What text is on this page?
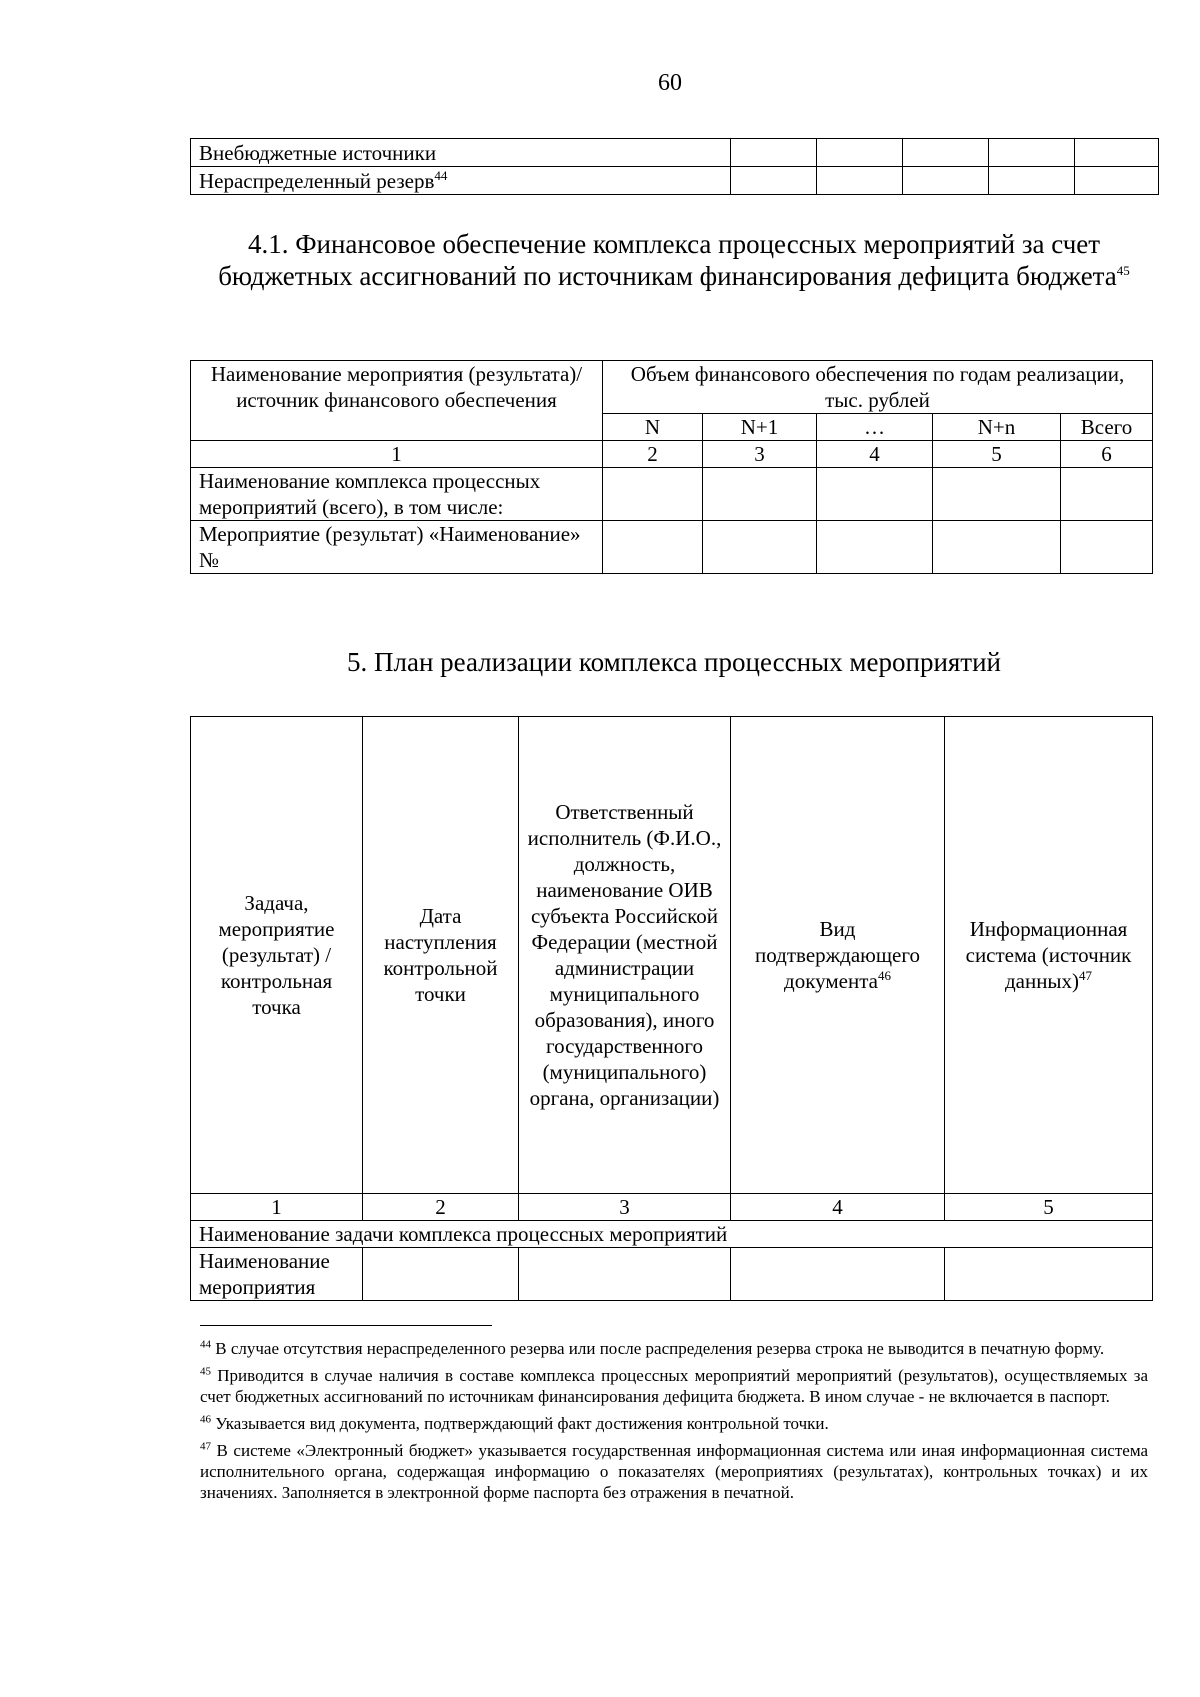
60
Внебюджетные источники					
Нераспределенный резерв$^{44}$					
4.1. Финансовое обеспечение комплекса процессных мероприятий за счет бюджетных ассигнований по источникам финансирования дефицита бюджета$^{45}$
Наименование мероприятия (результата)/источник финансового обеспечения	Объем финансового обеспечения по годам реализации, тыс. рублей				
	N	N+1	…	N+n	Всего
1	2	3	4	5	6
Наименование комплекса процессных мероприятий (всего), в том числе:					
Мероприятие (результат) «Наименование» №					
5. План реализации комплекса процессных мероприятий
Задача, мероприятие (результат) / контрольная точка	Дата наступления контрольной точки	Ответственный исполнитель (Ф.И.О., должность, наименование ОИВ субъекта Российской Федерации (местной администрации муниципального образования), иного государственного (муниципального) органа, организации)	Вид подтверждающего документа$^{46}$	Информационная система (источник данных)$^{47}$
1	2	3	4	5
Наименование задачи комплекса процессных мероприятий				
Наименование мероприятия				
$^{44}$ В случае отсутствия нераспределенного резерва или после распределения резерва строка не выводится в печатную форму.
$^{45}$ Приводится в случае наличия в составе комплекса процессных мероприятий мероприятий (результатов), осуществляемых за счет бюджетных ассигнований по источникам финансирования дефицита бюджета. В ином случае - не включается в паспорт.
$^{46}$ Указывается вид документа, подтверждающий факт достижения контрольной точки.
$^{47}$ В системе «Электронный бюджет» указывается государственная информационная система или иная информационная система исполнительного органа, содержащая информацию о показателях (мероприятиях (результатах), контрольных точках) и их значениях. Заполняется в электронной форме паспорта без отражения в печатной.
